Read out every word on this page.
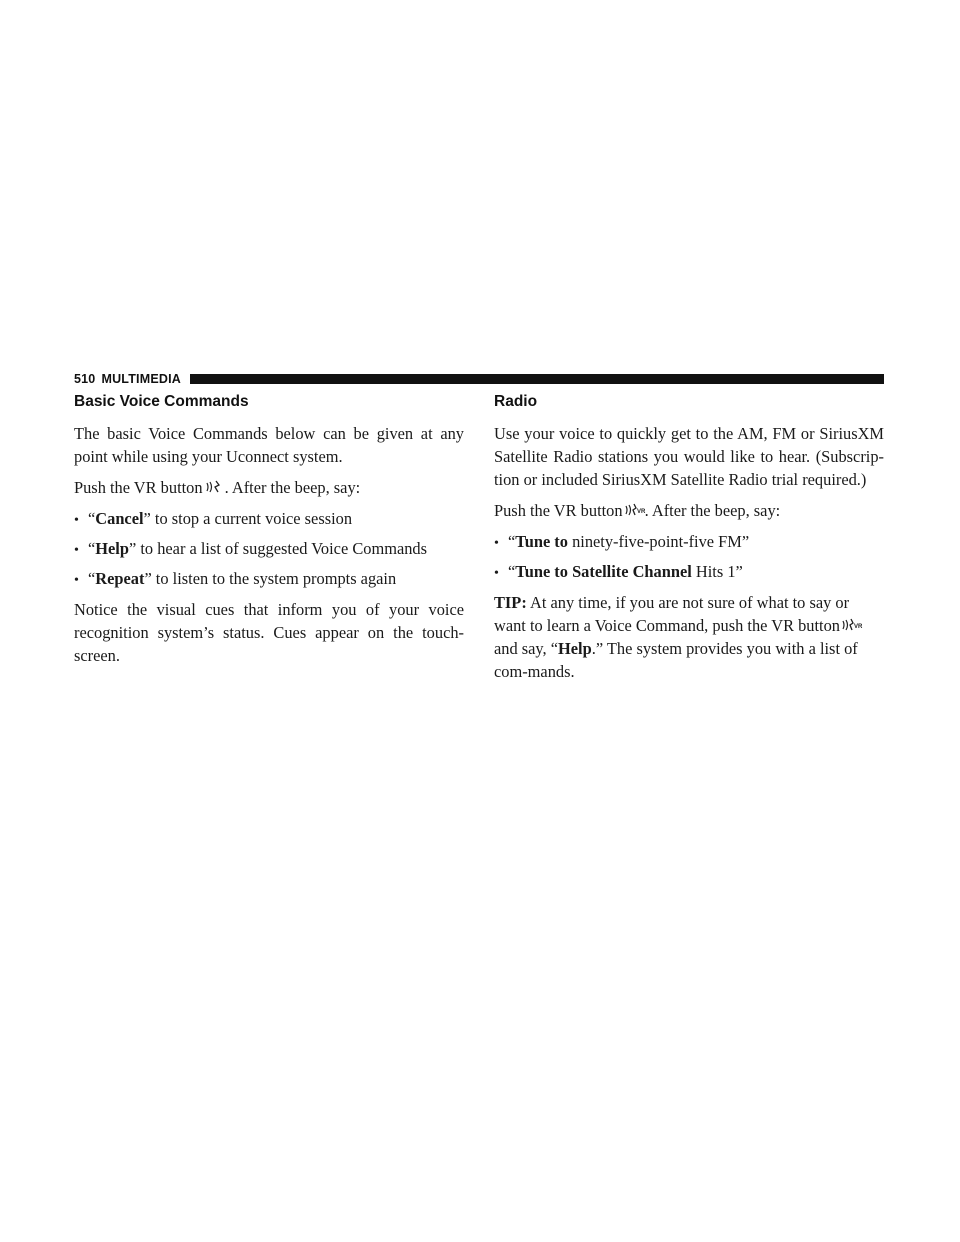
510 MULTIMEDIA
Basic Voice Commands

The basic Voice Commands below can be given at any point while using your Uconnect system.

Push the VR button . After the beep, say:

• “Cancel” to stop a current voice session
• “Help” to hear a list of suggested Voice Commands
• “Repeat” to listen to the system prompts again

Notice the visual cues that inform you of your voice recognition system’s status. Cues appear on the touch-screen.

Radio

Use your voice to quickly get to the AM, FM or SiriusXM Satellite Radio stations you would like to hear. (Subscrip-tion or included SiriusXM Satellite Radio trial required.)

Push the VR button VR . After the beep, say:

• “Tune to ninety-five-point-five FM”
• “Tune to Satellite Channel Hits 1”

TIP: At any time, if you are not sure of what to say or want to learn a Voice Command, push the VR button VR
and say, “Help.” The system provides you with a list of com-mands.
